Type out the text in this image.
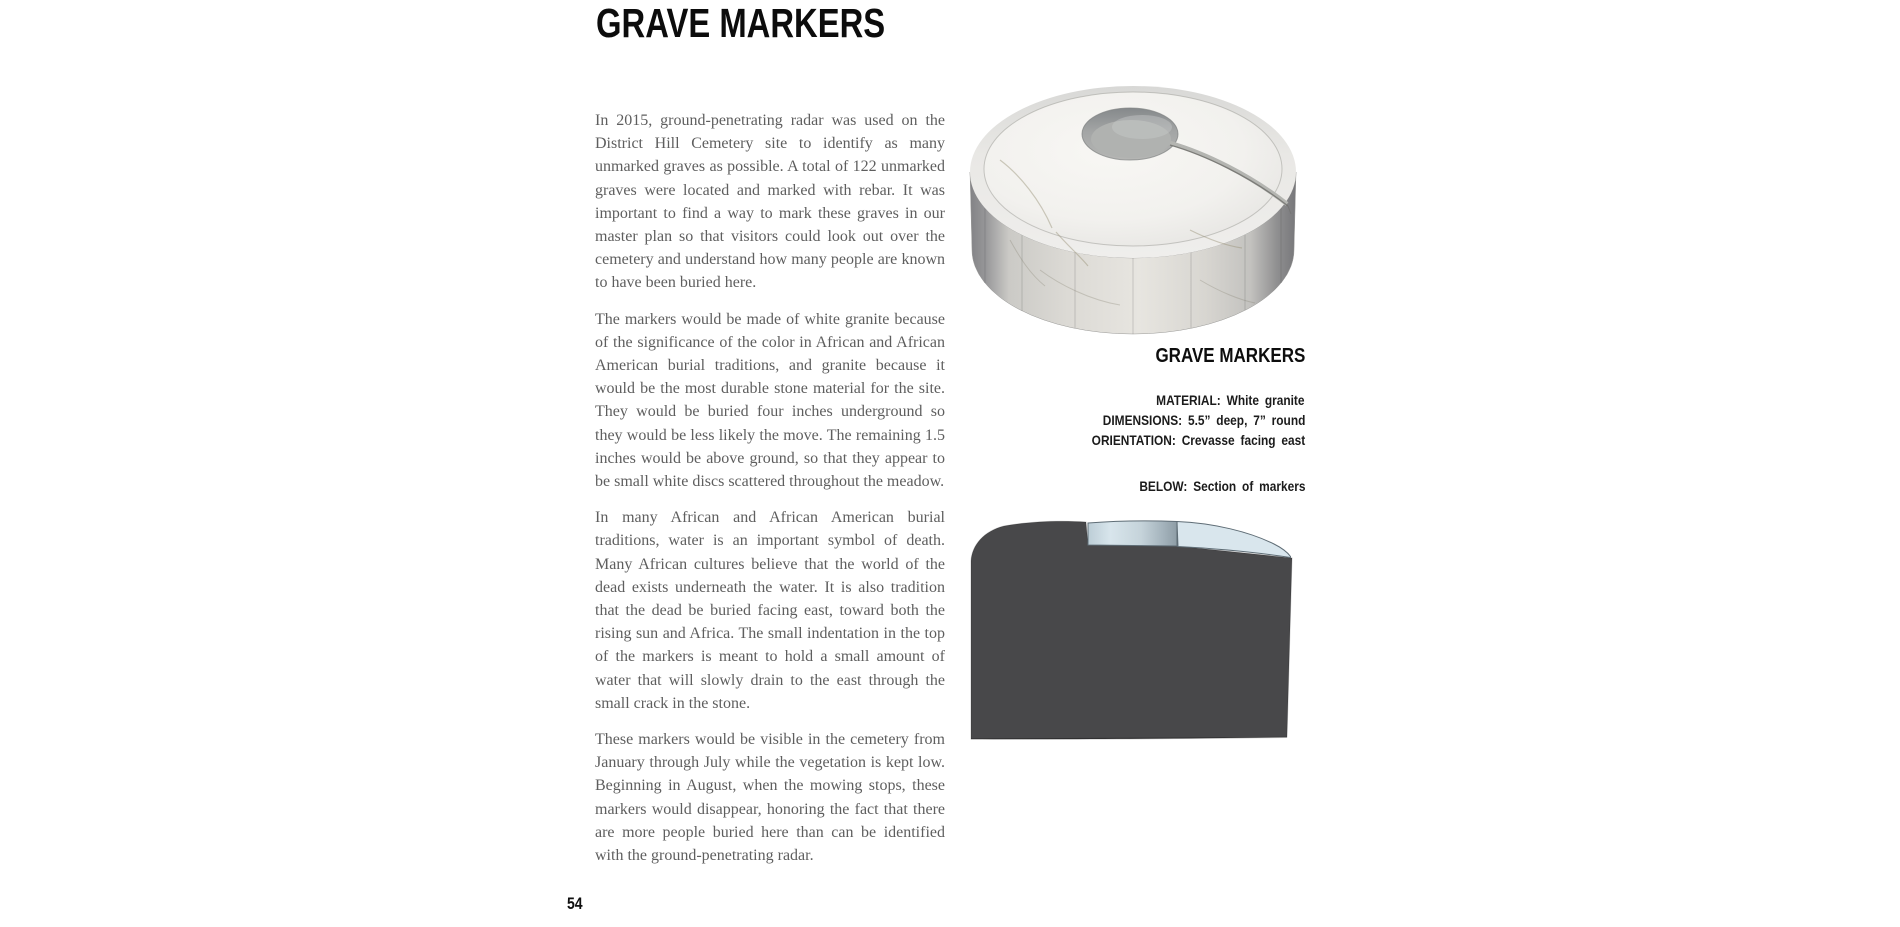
GRAVE MARKERS

In 2015, ground-penetrating radar was used on the District Hill Cemetery site to identify as many unmarked graves as possible. A total of 122 unmarked graves were located and marked with rebar. It was important to find a way to mark these graves in our master plan so that visitors could look out over the cemetery and understand how many people are known to have been buried here.

The markers would be made of white granite because of the significance of the color in African and African American burial traditions, and granite because it would be the most durable stone material for the site. They would be buried four inches underground so they would be less likely the move. The remaining 1.5 inches would be above ground, so that they appear to be small white discs scattered throughout the meadow.

In many African and African American burial traditions, water is an important symbol of death. Many African cultures believe that the world of the dead exists underneath the water. It is also tradition that the dead be buried facing east, toward both the rising sun and Africa. The small indentation in the top of the markers is meant to hold a small amount of water that will slowly drain to the east through the small crack in the stone.

These markers would be visible in the cemetery from January through July while the vegetation is kept low. Beginning in August, when the mowing stops, these markers would disappear, honoring the fact that there are more people buried here than can be identified with the ground-penetrating radar.

GRAVE MARKERS
MATERIAL: White granite
DIMENSIONS: 5.5” deep, 7” round
ORIENTATION: Crevasse facing east
BELOW: Section of markers
54
